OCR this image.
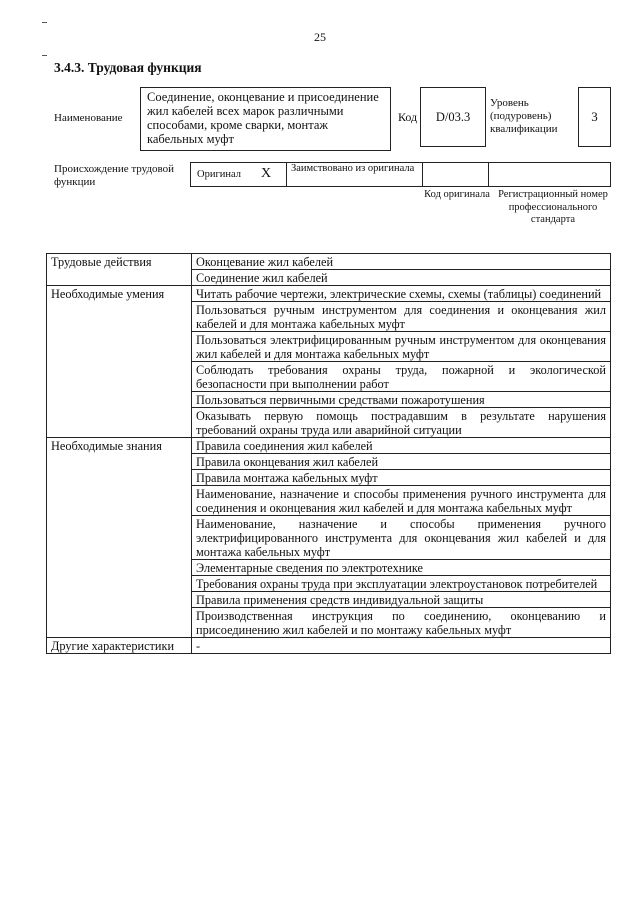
25
3.4.3. Трудовая функция
Наименование
Соединение, оконцевание и присоединение жил кабелей всех марок различными способами, кроме сварки, монтаж кабельных муфт
Код D/03.3
Уровень (подуровень) квалификации
3
Происхождение трудовой функции
Оригинал X	Заимствовано из оригинала
Код оригинала Регистрационный номер профессионального стандарта
Трудовые действия	Оконцевание жил кабелей
	Соединение жил кабелей
Необходимые умения	Читать рабочие чертежи, электрические схемы, схемы (таблицы) соединений
	Пользоваться ручным инструментом для соединения и оконцевания жил кабелей и для монтажа кабельных муфт
	Пользоваться электрифицированным ручным инструментом для оконцевания жил кабелей и для монтажа кабельных муфт
	Соблюдать требования охраны труда, пожарной и экологической безопасности при выполнении работ
	Пользоваться первичными средствами пожаротушения
	Оказывать первую помощь пострадавшим в результате нарушения требований охраны труда или аварийной ситуации
Необходимые знания	Правила соединения жил кабелей
	Правила оконцевания жил кабелей
	Правила монтажа кабельных муфт
	Наименование, назначение и способы применения ручного инструмента для соединения и оконцевания жил кабелей и для монтажа кабельных муфт
	Наименование, назначение и способы применения ручного электрифицированного инструмента для оконцевания жил кабелей и для монтажа кабельных муфт
	Элементарные сведения по электротехнике
	Требования охраны труда при эксплуатации электроустановок потребителей
	Правила применения средств индивидуальной защиты
	Производственная инструкция по соединению, оконцеванию и присоединению жил кабелей и по монтажу кабельных муфт
Другие характеристики	-
